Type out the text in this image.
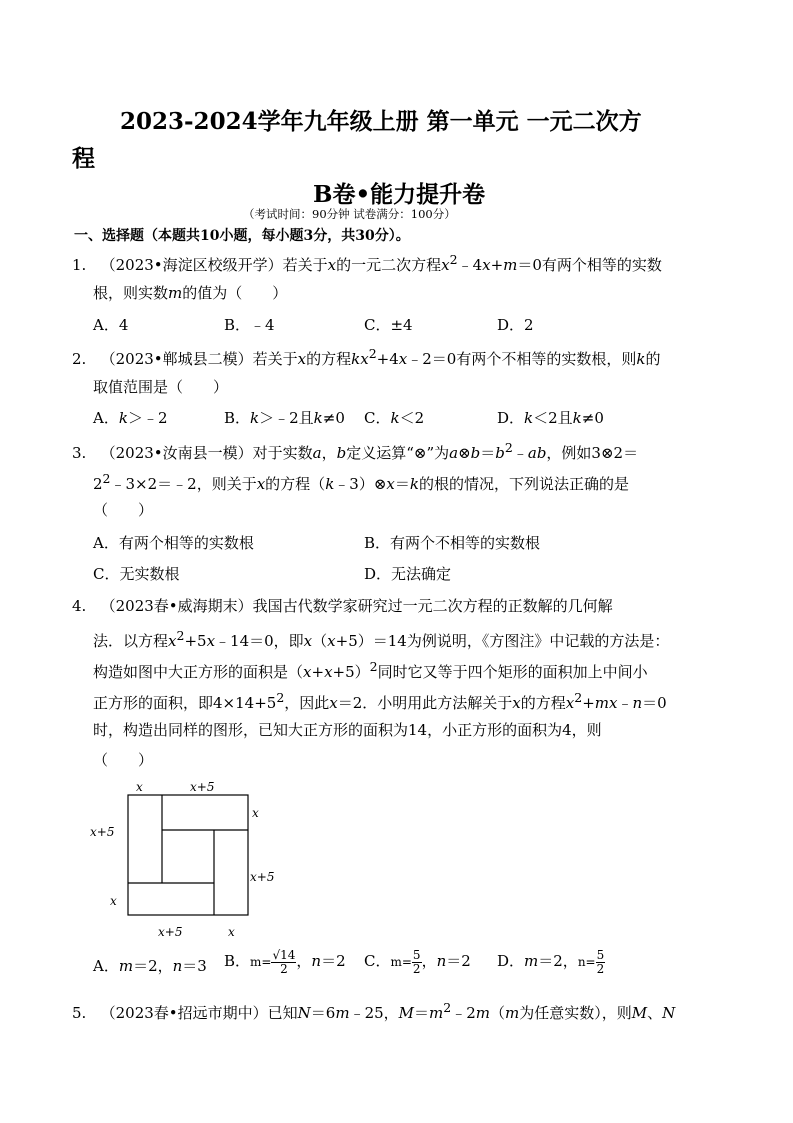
2023-2024学年九年级上册 第一单元 一元二次方
程
B卷•能力提升卷
（考试时间：90分钟 试卷满分：100分）
一、选择题（本题共10小题，每小题3分，共30分）。
1. （2023•海淀区校级开学）若关于x的一元二次方程$x^2﹣4x+m=0$有两个相等的实数
根，则实数m的值为（　　）
A．4	B．﹣4	C．±4	D．2
2. （2023•郸城县二模）若关于x的方程$kx^2+4x﹣2=0$有两个不相等的实数根，则k的
取值范围是（　　）
A．k＞﹣2	B．k＞﹣2且k≠0 C．k＜2	D．k＜2且k≠0
3. （2023•汝南县一模）对于实数a，b定义运算“⊗”为$a\otimes b=b^2﹣ab$，例如3⊗2＝
$2^2﹣3\times 2=﹣2$，则关于x的方程（k﹣3）⊗x＝k的根的情况，下列说法正确的是
（　　）
A．有两个相等的实数根	B．有两个不相等的实数根
C．无实数根	D．无法确定
4. （2023春•威海期末）我国古代数学家研究过一元二次方程的正数解的几何解
法．以方程$x^2+5x﹣14=0$，即x（x+5）＝14为例说明，《方图注》中记载的方法是：
构造如图中大正方形的面积是$(x+x+5)^2$同时它又等于四个矩形的面积加上中间小
正方形的面积，即$4\times 14+5^2$，因此x＝2．小明用此方法解关于x的方程$x^2+mx﹣n=0$
时，构造出同样的图形，已知大正方形的面积为14，小正方形的面积为4，则
（　　）
x	x+5
x+5
x
x+5
x
x+5	x
A．m＝2，n＝3 B．$m= \frac{√14}{2}$ ，n＝2 C．$m= \frac{5}{2}$ ，n＝2 D．m＝2，$n= \frac{5}{2}$
5. （2023春•招远市期中）已知N＝6m﹣25，$M=m^2﹣2m(m$为任意实数），则M、N
